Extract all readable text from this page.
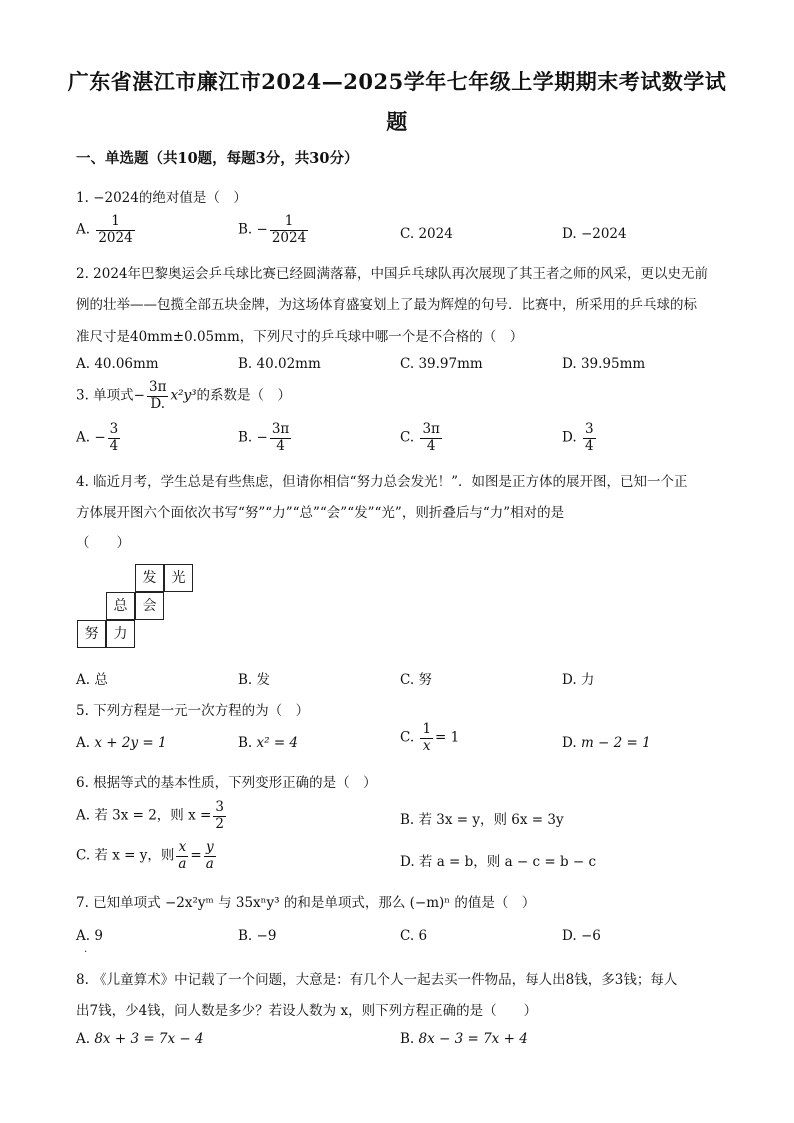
广东省湛江市廉江市2024—2025学年七年级上学期期末考试数学试
题
一、单选题（共10题，每题3分，共30分）
1. −2024的绝对值是（　）
A. $\frac{1}{2024}$	B. − $\frac{1}{2024}$	C. 2024	D. −2024
2. 2024年巴黎奥运会乒乓球比赛已经圆满落幕，中国乒乓球队再次展现了其王者之师的风采，更以史无前
例的壮举——包揽全部五块金牌，为这场体育盛宴划上了最为辉煌的句号．比赛中，所采用的乒乓球的标
准尺寸是40mm±0.05mm，下列尺寸的乒乓球中哪一个是不合格的（　）
A. 40.06mm	B. 40.02mm	C. 39.97mm	D. 39.95mm
3. 单项式− $\frac{3\pi}{D.} x^2y^3$的系数是（　）
A. − $\frac{3}{4}$	B. − $\frac{3\pi}{4}$	C. $\frac{3\pi}{4}$	D. $\frac{3}{4}$
4. 临近月考，学生总是有些焦虑，但请你相信“努力总会发光！”．如图是正方体的展开图，已知一个正
方体展开图六个面依次书写“努”“力”“总”“会”“发”“光”，则折叠后与“力”相对的是
（　　）
发	光
总	会
努	力
A. 总	B. 发	C. 努	D. 力
5. 下列方程是一元一次方程的为（　）
A. x + 2y = 1	B. x² = 4	C. $\frac{1}{x} = 1$	D. m − 2 = 1
6. 根据等式的基本性质，下列变形正确的是（　）
A. 若 3x = 2，则 $x = \frac{3}{2}$	B. 若 3x = y，则 6x = 3y
C. 若 x = y，则 $\frac{x}{a} = \frac{y}{a}$	D. 若 a = b，则 a − c = b − c
7. 已知单项式 −2x²yᵐ 与 35xⁿy³ 的和是单项式，那么 (−m)ⁿ 的值是（　）
A. 9	B. −9	C. 6	D. −6
.
8. 《儿童算术》中记载了一个问题，大意是：有几个人一起去买一件物品，每人出8钱，多3钱；每人
出7钱，少4钱，问人数是多少？若设人数为 x，则下列方程正确的是（　　）
A. 8x + 3 = 7x − 4	B. 8x − 3 = 7x + 4
